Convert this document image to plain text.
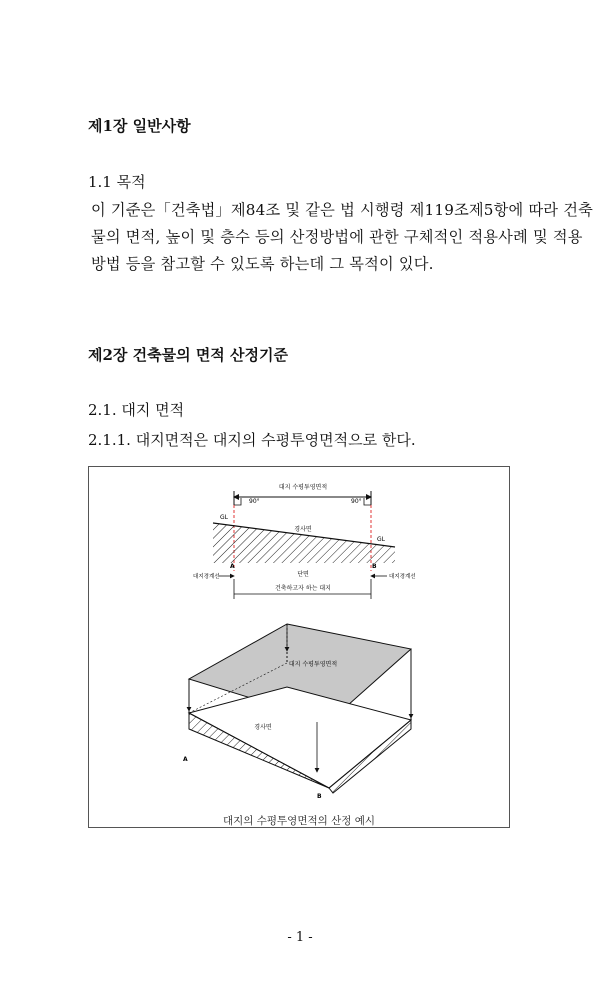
제1장 일반사항
1.1 목적
이 기준은「건축법」제84조 및 같은 법 시행령 제119조제5항에 따라 건축
물의 면적, 높이 및 층수 등의 산정방법에 관한 구체적인 적용사례 및 적용
방법 등을 참고할 수 있도록 하는데 그 목적이 있다.
제2장 건축물의 면적 산정기준
2.1. 대지 면적
2.1.1. 대지면적은 대지의 수평투영면적으로 한다.
대지 수평투영면적
90°	90°
경사면
GL
GL
단면
A	B
대지경계선	대지경계선
건축하고자 하는 대지
대지 수평투영면적
경사면
A
B
대지의 수평투영면적의 산정 예시
- 1 -
